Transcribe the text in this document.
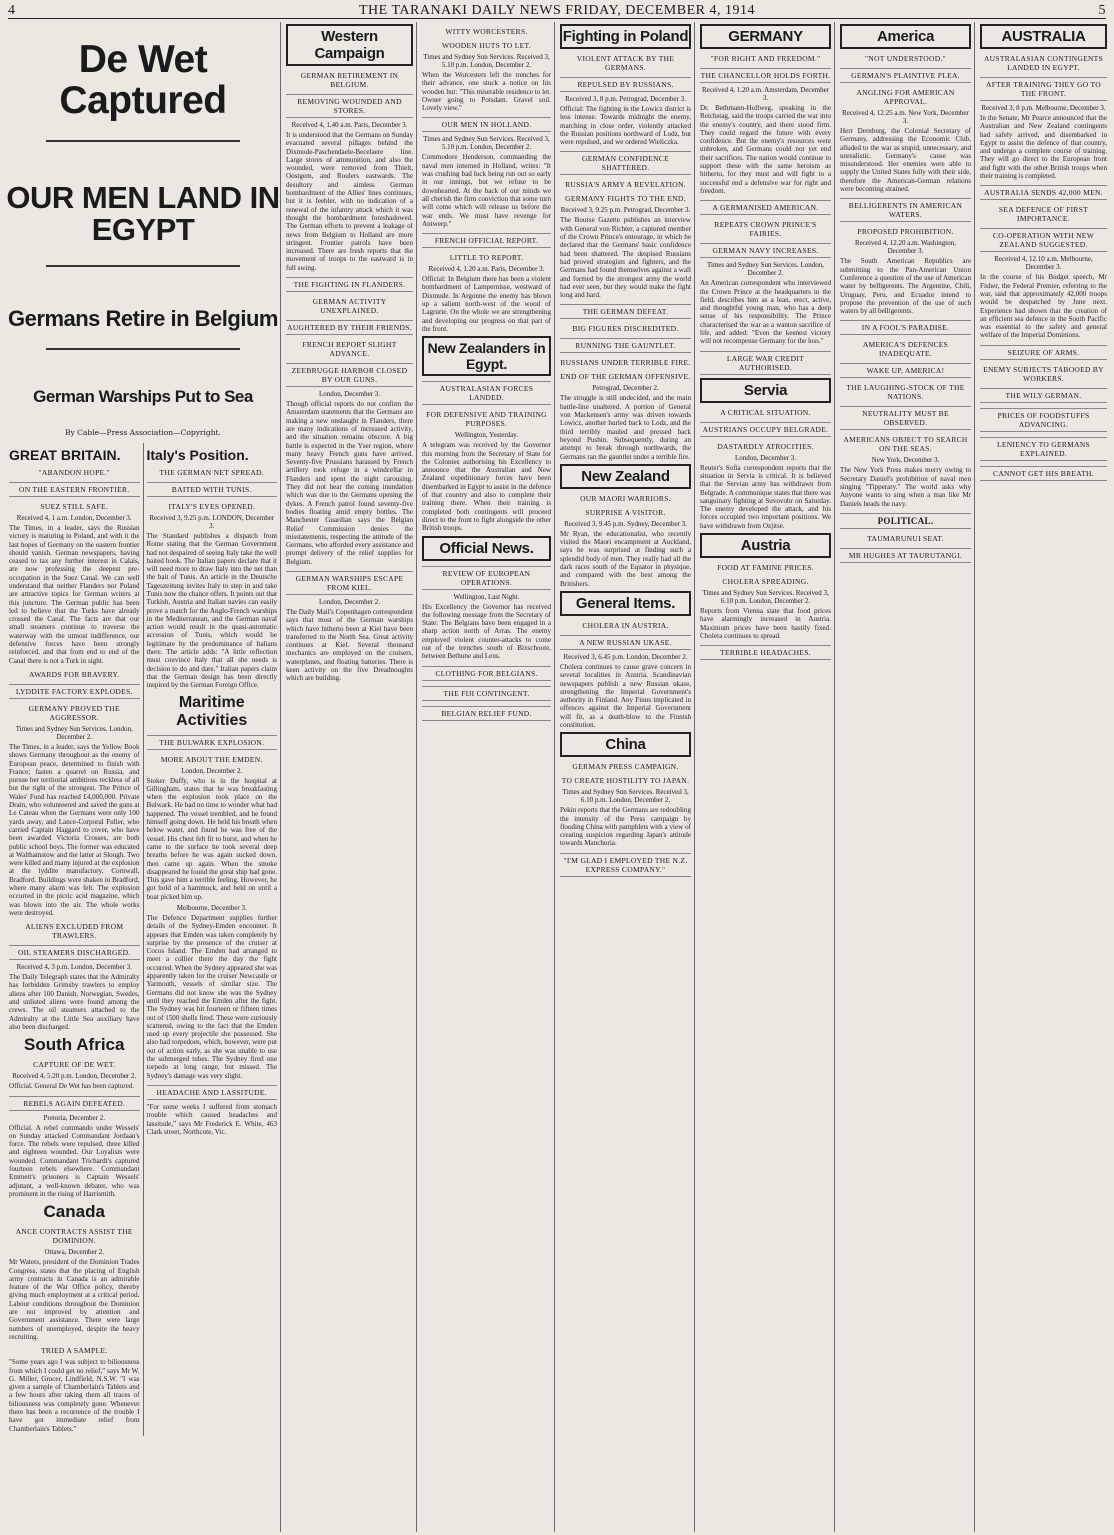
4	THE TARANAKI DAILY NEWS FRIDAY, DECEMBER 4, 1914	5
De Wet Captured
OUR MEN LAND IN EGYPT
Germans Retire in Belgium
German Warships Put to Sea
By Cable—Press Association—Copyright.
GREAT BRITAIN.
"ABANDON HOPE."
ON THE EASTERN FRONTIER.
SUEZ STILL SAFE.
Received 4, 1 a.m. London, December 3.

The Times, in a leader, says the Russian victory is maturing in Poland, and with it the last hopes of Germany on the eastern frontier should vanish. German newspapers, having ceased to tax any further interest in Calais, are now professing the deepest pre-occupation in the Suez Canal. We can well understand that neither Flanders nor Poland are attractive topics for German writers at this juncture. The German public has been led to believe that the Turks have already crossed the Canal. The facts are that our small steamers continue to traverse the waterway with the utmost indifference, our defensive forces have been strongly reinforced, and that from end to end of the Canal there is not a Turk in sight.

AWARDS FOR BRAVERY.
LYDDITE FACTORY EXPLODES.
GERMANY PROVED THE AGGRESSOR.
Times and Sydney Sun Services. London, December 2.

The Times, in a leader, says the Yellow Book shows Germany throughout as the enemy of European peace, determined to finish with France; fasten a quarrel on Russia, and pursue her territorial ambitions reckless of all but the right of the strongest. The Prince of Wales' Fund has reached £4,000,000. Private Drain, who volunteered and saved the guns at Le Cateau when the Germans were only 100 yards away, and Lance-Corporal Fuller, who carried Captain Haggard to cover, who have been awarded Victoria Crosses, are both public school boys. The former was educated at Walthamstow and the latter at Slough. Two were killed and many injured at the explosion at the lyddite manufactory, Cornwall, Bradford. Buildings were shaken in Bradford, where many alarm was felt. The explosion occurred in the picric acid magazine, which was blown into the air. The whole works were destroyed.

ALIENS EXCLUDED FROM TRAWLERS.
OIL STEAMERS DISCHARGED.
Received 4, 3 p.m. London, December 3.

The Daily Telegraph states that the Admiralty has forbidden Grimsby trawlers to employ aliens after 100 Danish, Norwegian, Swedes, and unlisted aliens were found among the crews. The oil steamers attached to the Admiralty at the Little Sea auxiliary have also been discharged.

South Africa
CAPTURE OF DE WET.
Received 4, 5.20 p.m. London, December 2.

Official. General De Wet has been captured.

REBELS AGAIN DEFEATED.
Pretoria, December 2.

Official. A rebel commando under Wessels' on Sunday attacked Commandant Jordaan's force. The rebels were repulsed, three killed and eighteen wounded. Our Loyalists were wounded. Commandant Trichardt's captured fourteen rebels elsewhere. Commandant Emmett's prisoners is Captain Wessels' adjutant, a well-known debater, who was prominent in the rising of Harrismith.

Canada
ANCE CONTRACTS ASSIST THE DOMINION.
Ottawa, December 2.

Mr Waters, president of the Dominion Trades Congress, states that the placing of English army contracts in Canada is an admirable feature of the War Office policy, thereby giving much employment at a critical period. Labour conditions throughout the Dominion are not improved by attention and Government assistance. There were large numbers of unemployed, despite the heavy recruiting.

TRIED A SAMPLE.

"Some years ago I was subject to biliousness from which I could get no relief," says Mr W. G. Miller, Grocer, Lindfield, N.S.W. "I was given a sample of Chamberlain's Tablets and a few hours after taking them all traces of biliousness was completely gone. Whenever there has been a recurrence of the trouble I have got immediate relief from Chamberlain's Tablets."

Italy's Position.
THE GERMAN NET SPREAD.
BAITED WITH TUNIS.
ITALY'S EYES OPENED.
Received 3, 9.25 p.m. LONDON, December 3.

The Standard publishes a dispatch from Rome stating that the German Government had not despaired of seeing Italy take the well baited hook. The Italian papers declare that it will need more to draw Italy into the net than the bait of Tunis. An article in the Deutsche Tageszeitung invites Italy to step in and take Tunis now the chance offers. It points out that Turkish, Austria and Italian navies can easily prove a match for the Anglo-French warships in the Mediterranean, and the German naval action would result in the quasi-automatic accession of Tunis, which would be legitimate by the predominance of Italians there. The article adds: "A little reflection must convince Italy that all she needs is decision to do and dare." Italian papers claim that the German design has been directly inspired by the German Foreign Office.

Maritime Activities
THE BULWARK EXPLOSION.
MORE ABOUT THE EMDEN.
London, December 2.

Stoker Duffy, who is in the hospital at Gillingham, states that he was breakfasting when the explosion took place on the Bulwark. He had no time to wonder what had happened. The vessel trembled, and he found himself going down. He held his breath when below water, and found he was free of the vessel. His chest felt fit to burst, and when he came to the surface he took several deep breaths before he was again sucked down, then came up again. When the smoke disappeared he found the great ship had gone. This gave him a terrible feeling. However, he got hold of a hammock, and held on until a boat picked him up.

Melbourne, December 3.

The Defence Department supplies further details of the Sydney-Emden encounter. It appears that Emden was taken completely by surprise by the presence of the cruiser at Cocos Island. The Emden had arranged to meet a collier there the day the fight occurred. When the Sydney appeared she was apparently taken for the cruiser Newcastle or Yarmouth, vessels of similar size. The Germans did not know she was the Sydney until they reached the Emden after the fight. The Sydney was hit fourteen or fifteen times out of 1500 shells fired. These were curiously scattered, owing to the fact that the Emden used up every projectile she possessed. She also had torpedoes, which, however, were put out of action early, as she was unable to use the submerged tubes. The Sydney fired one torpedo at long range, but missed. The Sydney's damage was very slight.

HEADACHE AND LASSITUDE.

"For some weeks I suffered from stomach trouble which caused headaches and lassitude," says Mr Frederick E. White, 463 Clark street, Northcote, Vic.

Western Campaign
GERMAN RETIREMENT IN BELGIUM.
REMOVING WOUNDED AND STORES.
Received 4, 1.40 a.m. Paris, December 3.

It is understood that the Germans on Sunday evacuated several pillages behind the Dixmude-Paschendaele-Becelaere line. Large stores of ammunition, and also the wounded, were removed from Thielt, Oostgem, and Roulers eastwards. The desultory and aimless German bombardment of the Allies' lines continues, but it is feebler, with no indication of a renewal of the infantry attack which it was thought the bombardment foreshadowed. The German efforts to prevent a leakage of news from Belgium to Holland are more stringent. Frontier patrols have been increased. There are fresh reports that the movement of troops to the eastward is in full swing.

THE FIGHTING IN FLANDERS.
GERMAN ACTIVITY UNEXPLAINED.
AUGHTERED BY THEIR FRIENDS.
FRENCH REPORT SLIGHT ADVANCE.
ZEEBRUGGE HARBOR CLOSED BY OUR GUNS.
London, December 3.

Though official reports do not confirm the Amsterdam statements that the Germans are making a new onslaught in Flanders, there are many indications of increased activity, and the situation remains obscure. A big battle is expected in the Yser region, where many heavy French guns have arrived. Seventy-five Prussians harassed by French artillery took refuge in a windcellar in Flanders and spent the night carousing. They did not hear the coming inundation which was due to the Germans opening the dykes. A French patrol found seventy-five bodies floating amid empty bottles. The Manchester Guardian says the Belgian Relief Commission denies the misstatements, respecting the attitude of the Germans, who afforded every assistance and prompt delivery of the relief supplies for Belgium.

GERMAN WARSHIPS ESCAPE FROM KIEL.
London, December 2.

The Daily Mail's Copenhagen correspondent says that most of the German warships which have hitherto been at Kiel have been transferred to the North Sea. Great activity continues at Kiel. Several thousand mechanics are employed on the cruisers, waterplanes, and floating batteries. There is keen activity on the five Dreadnoughts which are building.

WITTY WORCESTERS.
WOODEN HUTS TO LET.
Times and Sydney Sun Services. Received 3, 5.10 p.m. London, December 2.

When the Worcesters left the trenches for their advance, one stuck a notice on his wooden hut: "This miserable residence to let. Owner going to Potsdam. Gravel soil. Lovely view."

OUR MEN IN HOLLAND.
Times and Sydney Sun Services. Received 3, 5.10 p.m. London, December 2.

Commodore Henderson, commanding the naval men interned in Holland, writes: "It was crushing bad luck being run out so early in our innings, but we refuse to be downhearted. At the back of our minds we all cherish the firm conviction that some turn will come which will release us before the war ends. We must have revenge for Antwerp."

FRENCH OFFICIAL REPORT.
LITTLE TO REPORT.
Received 4, 1.20 a.m. Paris, December 3.

Official: In Belgium there has been a violent bombardment of Lampernisse, westward of Dixmude. In Argonne the enemy has blown up a salient north-west of the wood of Lagrurie. On the whole we are strengthening and developing our progress on that part of the front.

New Zealanders in Egypt.
AUSTRALASIAN FORCES LANDED.
FOR DEFENSIVE AND TRAINING PURPOSES.
Wellington, Yesterday.

A telegram was received by the Governor this morning from the Secretary of State for the Colonies authorising his Excellency to announce that the Australian and New Zealand expeditionary forces have been disembarked in Egypt to assist in the defence of that country and also to complete their training there. When their training is completed both contingents will proceed direct to the front to fight alongside the other British troops.

Official News.
REVIEW OF EUROPEAN OPERATIONS.
Wellington, Last Night.

His Excellency the Governor has received the following message from the Secretary of State: The Belgians have been engaged in a sharp action north of Arras. The enemy employed violent counter-attacks to come out of the trenches south of Bixschoote, between Bethune and Lens.

CLOTHING FOR BELGIANS.
THE FIJI CONTINGENT.
BELGIAN RELIEF FUND.
Fighting in Poland
VIOLENT ATTACK BY THE GERMANS.
REPULSED BY RUSSIANS.
Received 3, 8 p.m. Petrograd, December 3.

Official: The fighting in the Lowicz district is less intense. Towards midnight the enemy, marching in close order, violently attacked the Russian positions northward of Lodz, but were repulsed, and we ordered Wieliczka.

GERMAN CONFIDENCE SHATTERED.
RUSSIA'S ARMY A REVELATION.
GERMANY FIGHTS TO THE END.
Received 3, 9.25 p.m. Petrograd, December 3.

The Bourse Gazette publishes an interview with General von Richter, a captured member of the Crown Prince's entourage, in which he declared that the Germans' basic confidence had been shattered. The despised Russians had proved strategists and fighters, and the Germans had found themselves against a wall and formed by the strongest army the world had ever seen, but they would make the fight long and hard.

THE GERMAN DEFEAT.
BIG FIGURES DISCREDITED.
RUNNING THE GAUNTLET.
RUSSIANS UNDER TERRIBLE FIRE.
END OF THE GERMAN OFFENSIVE.
Petrograd, December 2.

The struggle is still undecided, and the main battle-line unaltered. A portion of General von Mackensen's army was driven towards Lowicz, another hurled back to Lodz, and the third terribly mauled and pressed back beyond Pushin. Subsequently, during an attempt to break through northwards, the Germans ran the gauntlet under a terrible fire.

New Zealand
OUR MAORI WARRIORS.
SURPRISE A VISITOR.
Received 3, 9.45 p.m. Sydney, December 3.

Mr Ryan, the educationalist, who recently visited the Maori encampment at Auckland, says he was surprised at finding such a splendid body of men. They really had all the dark races south of the Equator in physique, and compared with the best among the Britishers.

General Items.
CHOLERA IN AUSTRIA.
A NEW RUSSIAN UKASE.
Received 3, 6.45 p.m. London, December 2.

Cholera continues to cause grave concern in several localities in Austria. Scandinavian newspapers publish a new Russian ukase, strengthening the Imperial Government's authority in Finland. Any Finns implicated in offences against the Imperial Government will fit, as a death-blow to the Finnish constitution.

China
GERMAN PRESS CAMPAIGN.
TO CREATE HOSTILITY TO JAPAN.
Times and Sydney Sun Services. Received 3, 6.10 p.m. London, December 2.

Pekin reports that the Germans are redoubling the intensity of the Press campaign by flooding China with pamphlets with a view of creating suspicion regarding Japan's attitude towards Manchuria.

"I'M GLAD I EMPLOYED THE N.Z. EXPRESS COMPANY."
GERMANY
"FOR RIGHT AND FREEDOM."
THE CHANCELLOR HOLDS FORTH.
Received 4, 1.20 a.m. Amsterdam, December 3.

Dr. Bethmann-Hollweg, speaking in the Reichstag, said the troops carried the war into the enemy's country, and there stood firm. They could regard the future with every confidence. But the enemy's resources were unbroken, and Germans could not yet end their sacrifices. The nation would continue to support these with the same heroism as hitherto, for they must and will fight to a successful end a defensive war for right and freedom.

A GERMANISED AMERICAN.
REPEATS CROWN PRINCE'S FAIRIES.
GERMAN NAVY INCREASES.
Times and Sydney Sun Services. London, December 2.

An American correspondent who interviewed the Crown Prince at the headquarters in the field, describes him as a lean, erect, active, and thoughtful young man, who has a deep sense of his responsibility. The Prince characterised the war as a wanton sacrifice of life, and added: "Even the keenest victory will not recompense Germany for the loss."

LARGE WAR CREDIT AUTHORISED.
Servia
A CRITICAL SITUATION.
AUSTRIANS OCCUPY BELGRADE.
DASTARDLY ATROCITIES.
London, December 3.

Reuter's Sofia correspondent reports that the situation in Servia is critical. It is believed that the Servian army has withdrawn from Belgrade. A communique states that there was sanguinary fighting at Suvovobr on Saturday. The enemy developed the attack, and his forces occupied two important positions. We have withdrawn from Ozjitse.

Austria
FOOD AT FAMINE PRICES.
CHOLERA SPREADING.
Times and Sydney Sun Services. Received 3, 6.10 p.m. London, December 2.

Reports from Vienna state that food prices have alarmingly increased in Austria. Maximum prices have been hastily fixed. Cholera continues to spread.

TERRIBLE HEADACHES.
America
"NOT UNDERSTOOD."
GERMAN'S PLAINTIVE PLEA.
ANGLING FOR AMERICAN APPROVAL.
Received 4, 12.25 a.m. New York, December 3.

Herr Dernburg, the Colonial Secretary of Germany, addressing the Economic Club, alluded to the war as stupid, unnecessary, and unrealistic. Germany's cause was misunderstood. Her enemies were able to supply the United States fully with their side, therefore the American-German relations were becoming strained.

BELLIGERENTS IN AMERICAN WATERS.
PROPOSED PROHIBITION.
Received 4, 12.20 a.m. Washington, December 3.

The South American Republics are submitting to the Pan-American Union Conference a question of the use of American water by belligerents. The Argentine, Chili, Uruguay, Peru, and Ecuador intend to propose the prevention of the use of such waters by all belligerents.

IN A FOOL'S PARADISE.
AMERICA'S DEFENCES INADEQUATE.
WAKE UP, AMERICA!
THE LAUGHING-STOCK OF THE NATIONS.
NEUTRALITY MUST BE OBSERVED.
AMERICANS OBJECT TO SEARCH ON THE SEAS.
New York, December 3.

The New York Press makes merry owing to Secretary Daniel's prohibition of naval men singing "Tipperary." The world asks why Anyone wants to sing when a man like Mr Daniels heads the navy.

POLITICAL.
TAUMARUNUI SEAT.
MR HUGHES AT TAURUTANGI.
AUSTRALIA
AUSTRALASIAN CONTINGENTS LANDED IN EGYPT.
AFTER TRAINING THEY GO TO THE FRONT.
Received 3, 8 p.m. Melbourne, December 3.

In the Senate, Mr Pearce announced that the Australian and New Zealand contingents had safely arrived, and disembarked in Egypt to assist the defence of that country, and undergo a complete course of training. They will go direct to the European front and fight with the other British troops when their training is completed.

AUSTRALIA SENDS 42,000 MEN.
SEA DEFENCE OF FIRST IMPORTANCE.
CO-OPERATION WITH NEW ZEALAND SUGGESTED.
Received 4, 12.10 a.m. Melbourne, December 3.

In the course of his Budget speech, Mr Fisher, the Federal Premier, referring to the war, said that approximately 42,000 troops would be despatched by June next. Experience had shown that the creation of an efficient sea defence in the South Pacific was essential to the safety and general welfare of the Imperial Dominions.

SEIZURE OF ARMS.
ENEMY SUBJECTS TABOOED BY WORKERS.
THE WILY GERMAN.
PRICES OF FOODSTUFFS ADVANCING.
LENIENCY TO GERMANS EXPLAINED.
CANNOT GET HIS BREATH.
